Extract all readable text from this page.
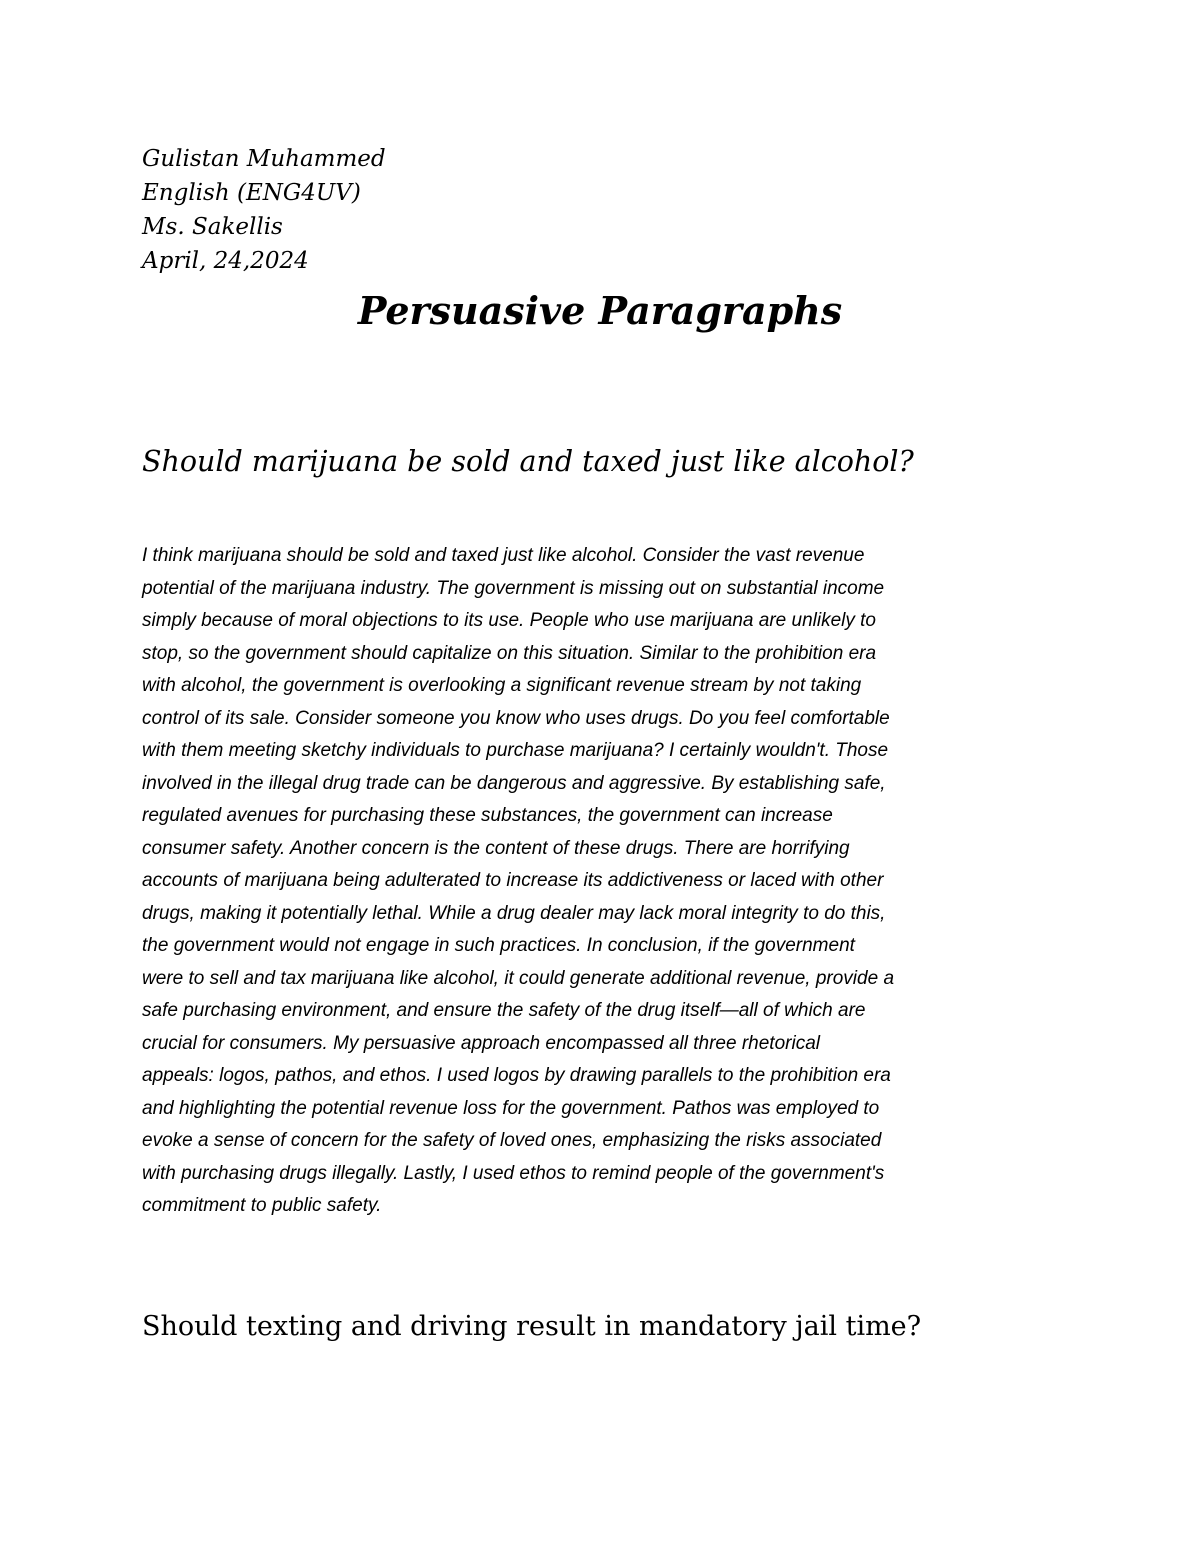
Gulistan Muhammed
English (ENG4UV)
Ms. Sakellis
April, 24,2024
Persuasive Paragraphs
Should marijuana be sold and taxed just like alcohol?
I think marijuana should be sold and taxed just like alcohol. Consider the vast revenue
potential of the marijuana industry. The government is missing out on substantial income
simply because of moral objections to its use. People who use marijuana are unlikely to
stop, so the government should capitalize on this situation. Similar to the prohibition era
with alcohol, the government is overlooking a significant revenue stream by not taking
control of its sale. Consider someone you know who uses drugs. Do you feel comfortable
with them meeting sketchy individuals to purchase marijuana? I certainly wouldn't. Those
involved in the illegal drug trade can be dangerous and aggressive. By establishing safe,
regulated avenues for purchasing these substances, the government can increase
consumer safety. Another concern is the content of these drugs. There are horrifying
accounts of marijuana being adulterated to increase its addictiveness or laced with other
drugs, making it potentially lethal. While a drug dealer may lack moral integrity to do this,
the government would not engage in such practices. In conclusion, if the government
were to sell and tax marijuana like alcohol, it could generate additional revenue, provide a
safe purchasing environment, and ensure the safety of the drug itself—all of which are
crucial for consumers. My persuasive approach encompassed all three rhetorical
appeals: logos, pathos, and ethos. I used logos by drawing parallels to the prohibition era
and highlighting the potential revenue loss for the government. Pathos was employed to
evoke a sense of concern for the safety of loved ones, emphasizing the risks associated
with purchasing drugs illegally. Lastly, I used ethos to remind people of the government's
commitment to public safety.
Should texting and driving result in mandatory jail time?
